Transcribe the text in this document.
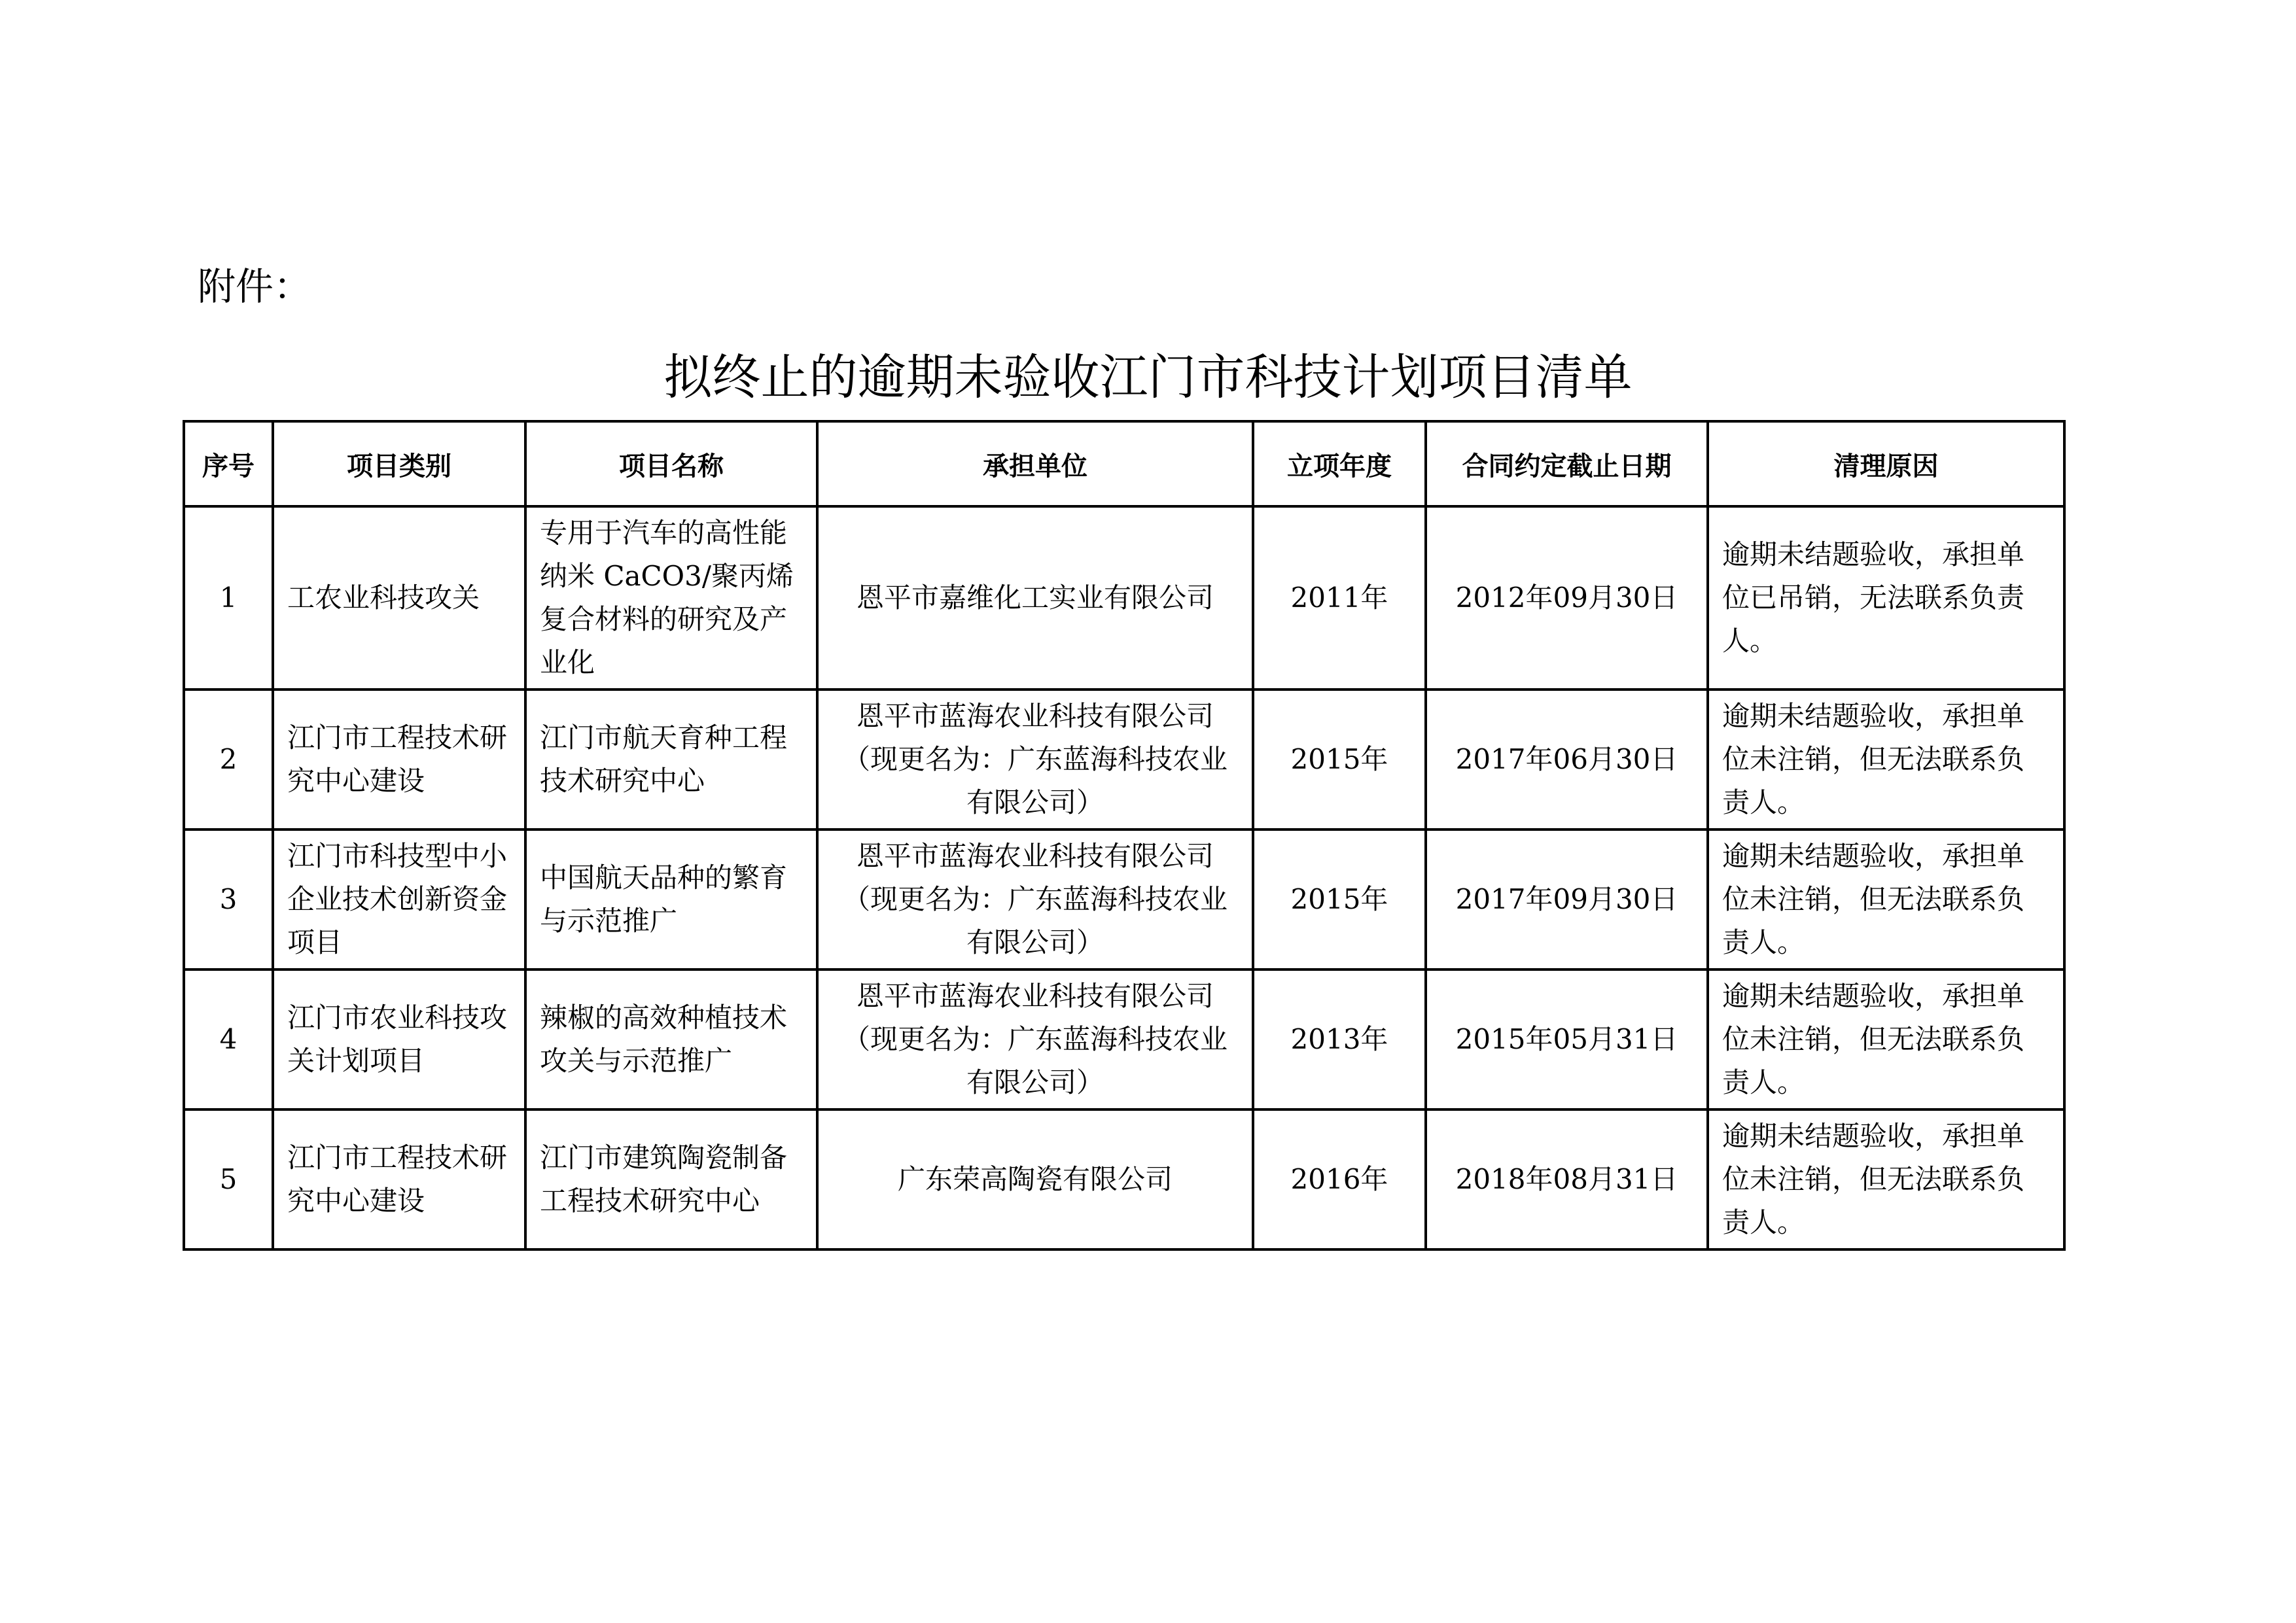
附件：
拟终止的逾期未验收江门市科技计划项目清单
序号	项目类别	项目名称	承担单位	立项年度	合同约定截止日期	清理原因
1	工农业科技攻关	专用于汽车的高性能纳米 CaCO3/聚丙烯复合材料的研究及产业化	恩平市嘉维化工实业有限公司	2011年	2012年09月30日	逾期未结题验收，承担单位已吊销，无法联系负责人。
2	江门市工程技术研究中心建设	江门市航天育种工程技术研究中心	恩平市蓝海农业科技有限公司（现更名为：广东蓝海科技农业有限公司）	2015年	2017年06月30日	逾期未结题验收，承担单位未注销，但无法联系负责人。
3	江门市科技型中小企业技术创新资金项目	中国航天品种的繁育与示范推广	恩平市蓝海农业科技有限公司（现更名为：广东蓝海科技农业有限公司）	2015年	2017年09月30日	逾期未结题验收，承担单位未注销，但无法联系负责人。
4	江门市农业科技攻关计划项目	辣椒的高效种植技术攻关与示范推广	恩平市蓝海农业科技有限公司（现更名为：广东蓝海科技农业有限公司）	2013年	2015年05月31日	逾期未结题验收，承担单位未注销，但无法联系负责人。
5	江门市工程技术研究中心建设	江门市建筑陶瓷制备工程技术研究中心	广东荣高陶瓷有限公司	2016年	2018年08月31日	逾期未结题验收，承担单位未注销，但无法联系负责人。
